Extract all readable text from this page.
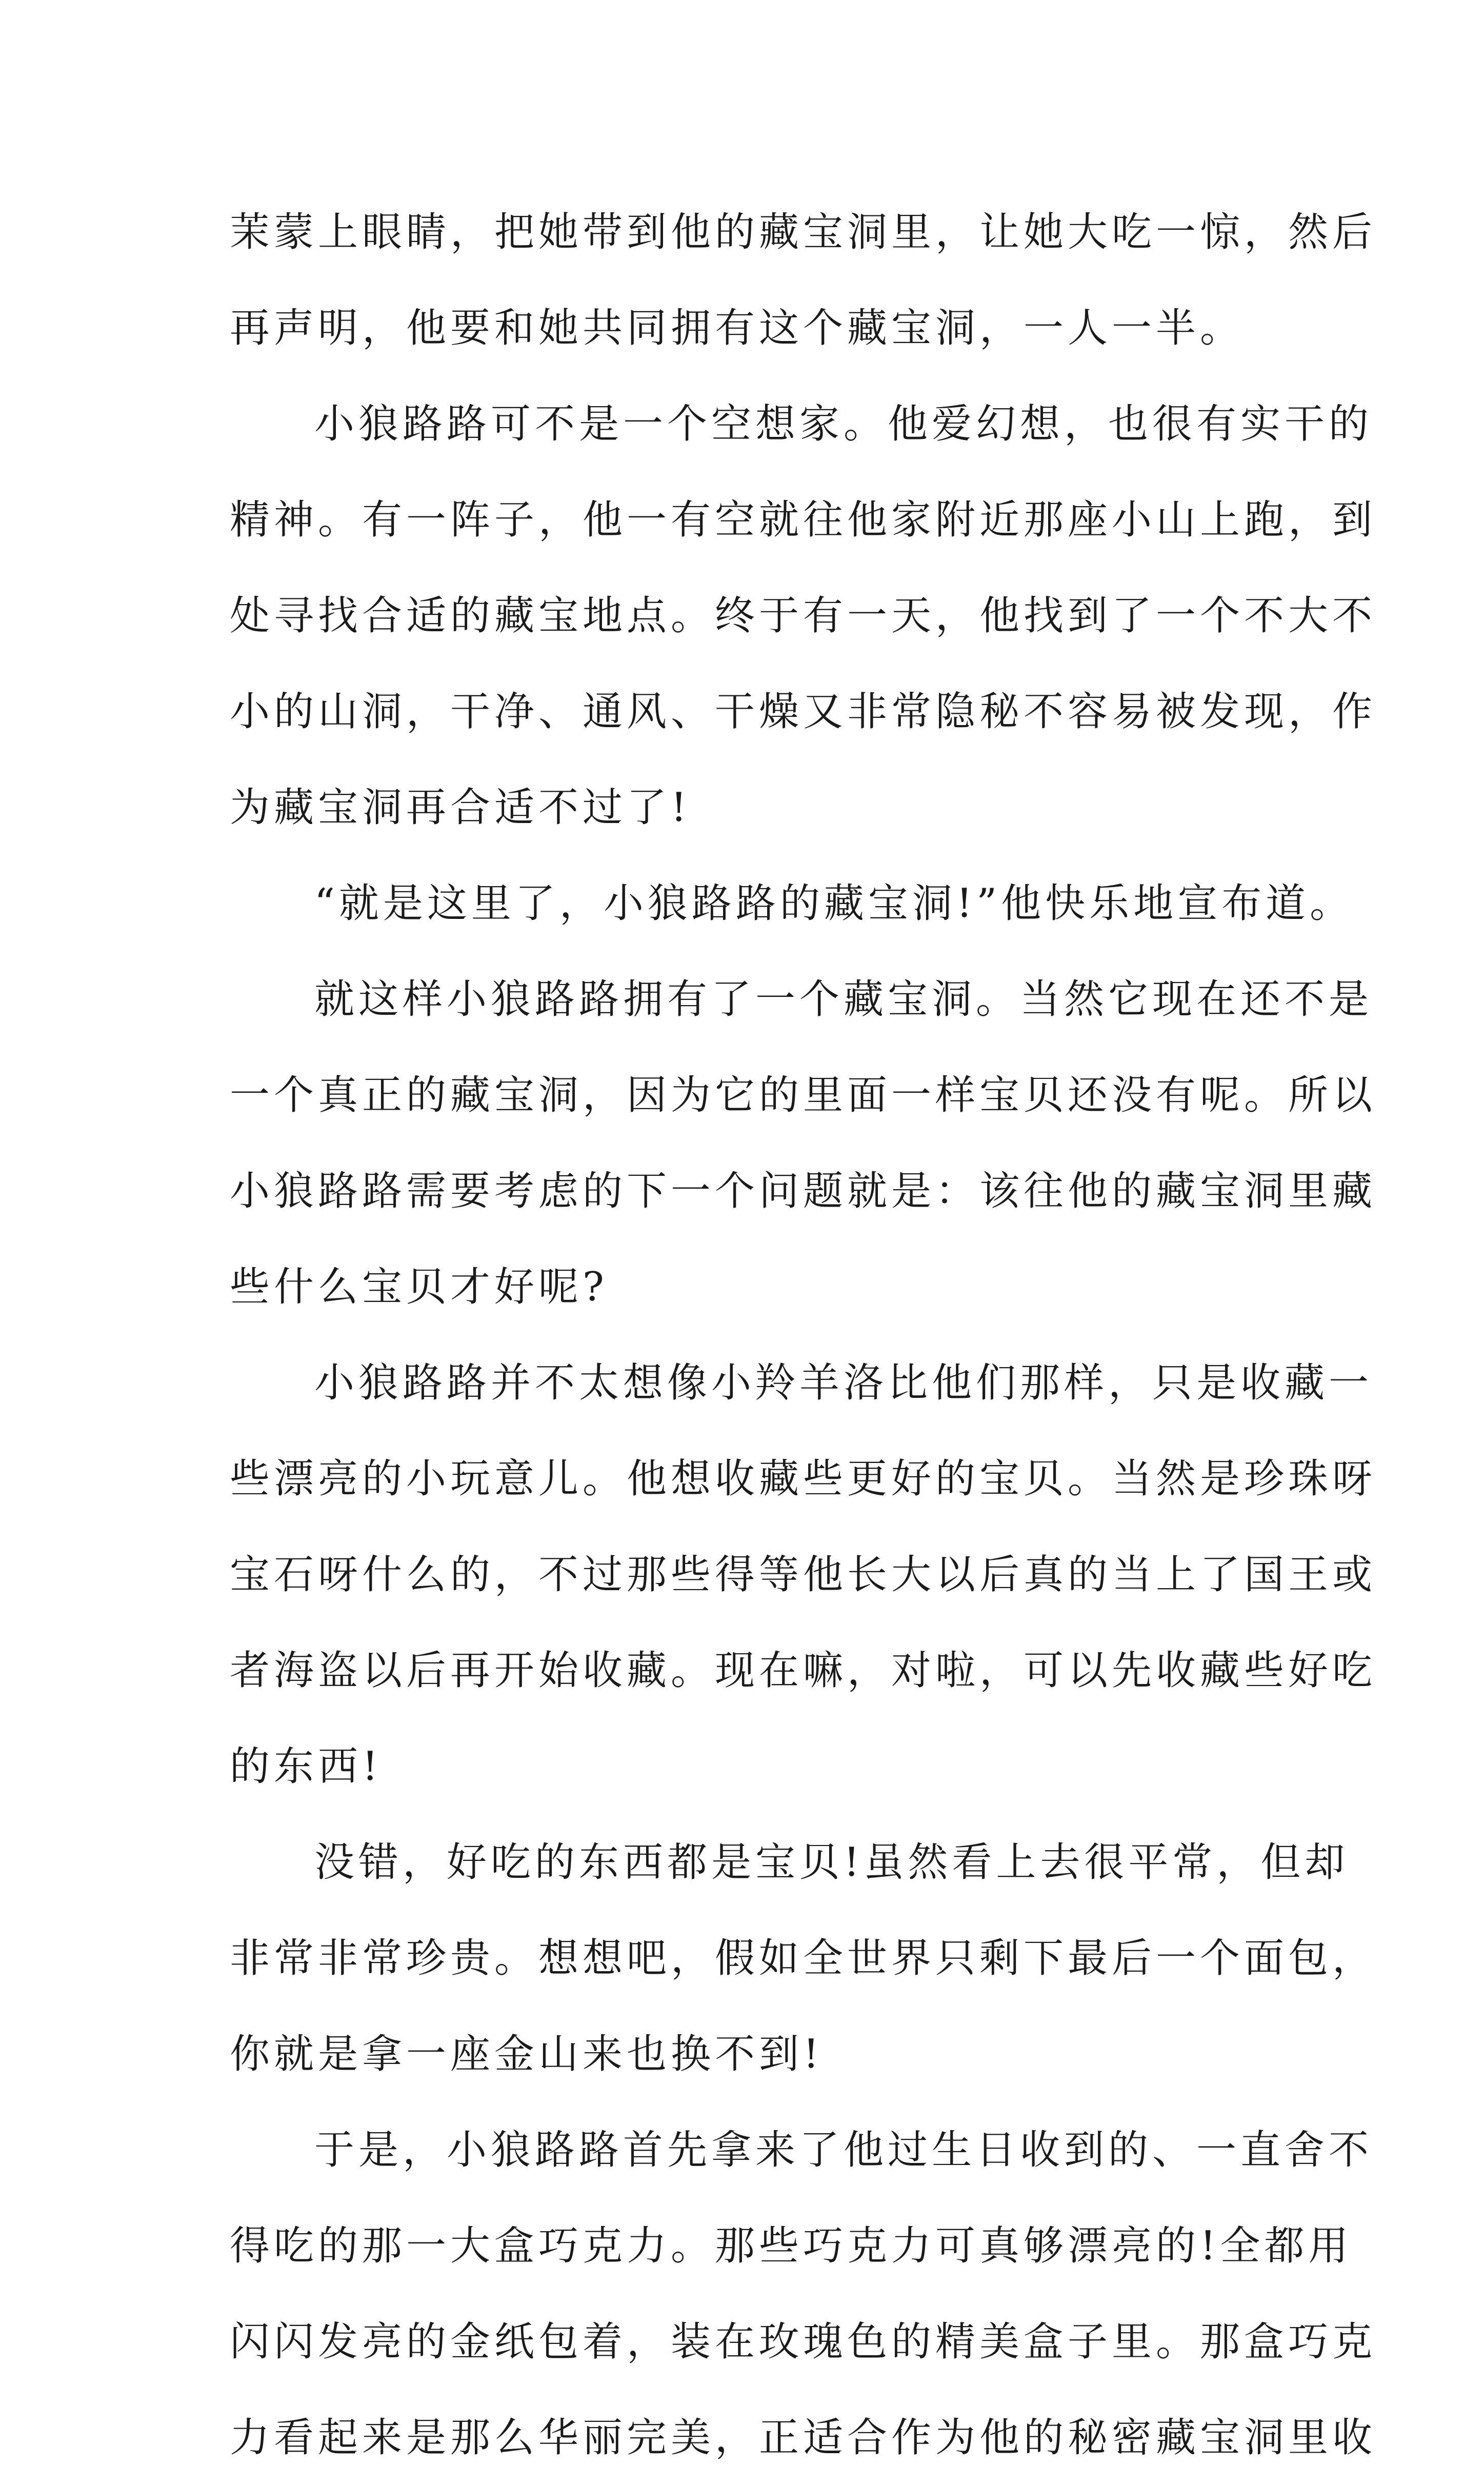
茉蒙上眼睛，把她带到他的藏宝洞里，让她大吃一惊，然后
再声明，他要和她共同拥有这个藏宝洞，一人一半。
小狼路路可不是一个空想家。他爱幻想，也很有实干的
精神。有一阵子，他一有空就往他家附近那座小山上跑，到
处寻找合适的藏宝地点。终于有一天，他找到了一个不大不
小的山洞，干净、通风、干燥又非常隐秘不容易被发现，作
为藏宝洞再合适不过了!
“就是这里了，小狼路路的藏宝洞!”他快乐地宣布道。
就这样小狼路路拥有了一个藏宝洞。当然它现在还不是
一个真正的藏宝洞，因为它的里面一样宝贝还没有呢。所以
小狼路路需要考虑的下一个问题就是：该往他的藏宝洞里藏
些什么宝贝才好呢?
小狼路路并不太想像小羚羊洛比他们那样，只是收藏一
些漂亮的小玩意儿。他想收藏些更好的宝贝。当然是珍珠呀
宝石呀什么的，不过那些得等他长大以后真的当上了国王或
者海盗以后再开始收藏。现在嘛，对啦，可以先收藏些好吃
的东西!
没错，好吃的东西都是宝贝!虽然看上去很平常，但却
非常非常珍贵。想想吧，假如全世界只剩下最后一个面包，
你就是拿一座金山来也换不到!
于是，小狼路路首先拿来了他过生日收到的、一直舍不
得吃的那一大盒巧克力。那些巧克力可真够漂亮的!全都用
闪闪发亮的金纸包着，装在玫瑰色的精美盒子里。那盒巧克
力看起来是那么华丽完美，正适合作为他的秘密藏宝洞里收
